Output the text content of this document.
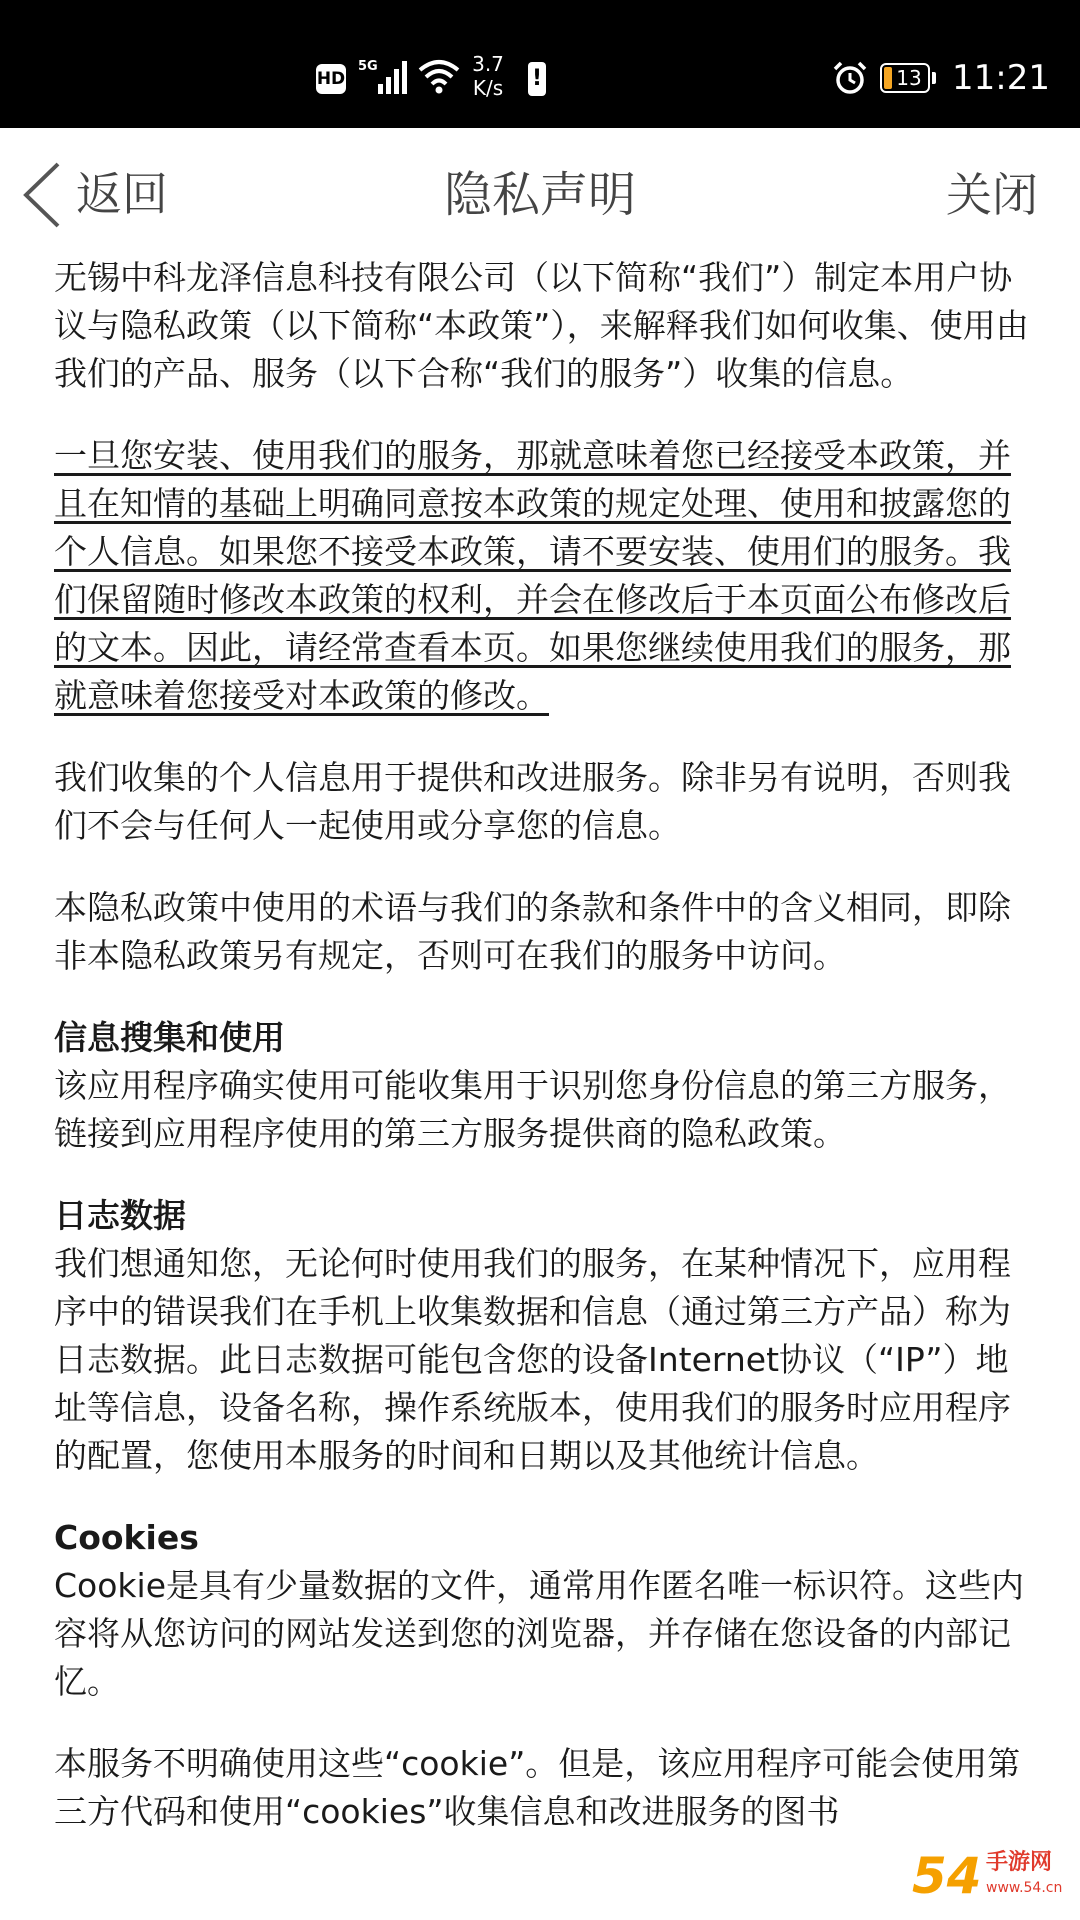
HD
5G	3.7
K/s	!	13 11:21
返回	隐私声明	关闭

无锡中科龙泽信息科技有限公司（以下简称“我们”）制定本用户协议与隐私政策（以下简称“本政策”），来解释我们如何收集、使用由我们的产品、服务（以下合称“我们的服务”）收集的信息。

一旦您安装、使用我们的服务，那就意味着您已经接受本政策，并且在知情的基础上明确同意按本政策的规定处理、使用和披露您的个人信息。如果您不接受本政策，请不要安装、使用们的服务。我们保留随时修改本政策的权利，并会在修改后于本页面公布修改后的文本。因此，请经常查看本页。如果您继续使用我们的服务，那就意味着您接受对本政策的修改。

我们收集的个人信息用于提供和改进服务。除非另有说明，否则我们不会与任何人一起使用或分享您的信息。

本隐私政策中使用的术语与我们的条款和条件中的含义相同，即除非本隐私政策另有规定，否则可在我们的服务中访问。

信息搜集和使用

该应用程序确实使用可能收集用于识别您身份信息的第三方服务，链接到应用程序使用的第三方服务提供商的隐私政策。

日志数据

我们想通知您，无论何时使用我们的服务，在某种情况下，应用程序中的错误我们在手机上收集数据和信息（通过第三方产品）称为日志数据。此日志数据可能包含您的设备Internet协议（“IP”）地址等信息，设备名称，操作系统版本，使用我们的服务时应用程序的配置，您使用本服务的时间和日期以及其他统计信息。

Cookies

Cookie是具有少量数据的文件，通常用作匿名唯一标识符。这些内容将从您访问的网站发送到您的浏览器，并存储在您设备的内部记忆。

本服务不明确使用这些“cookie”。但是，该应用程序可能会使用第三方代码和使用“cookies”收集信息和改进服务的图书

54 手游网
www.54.cn
